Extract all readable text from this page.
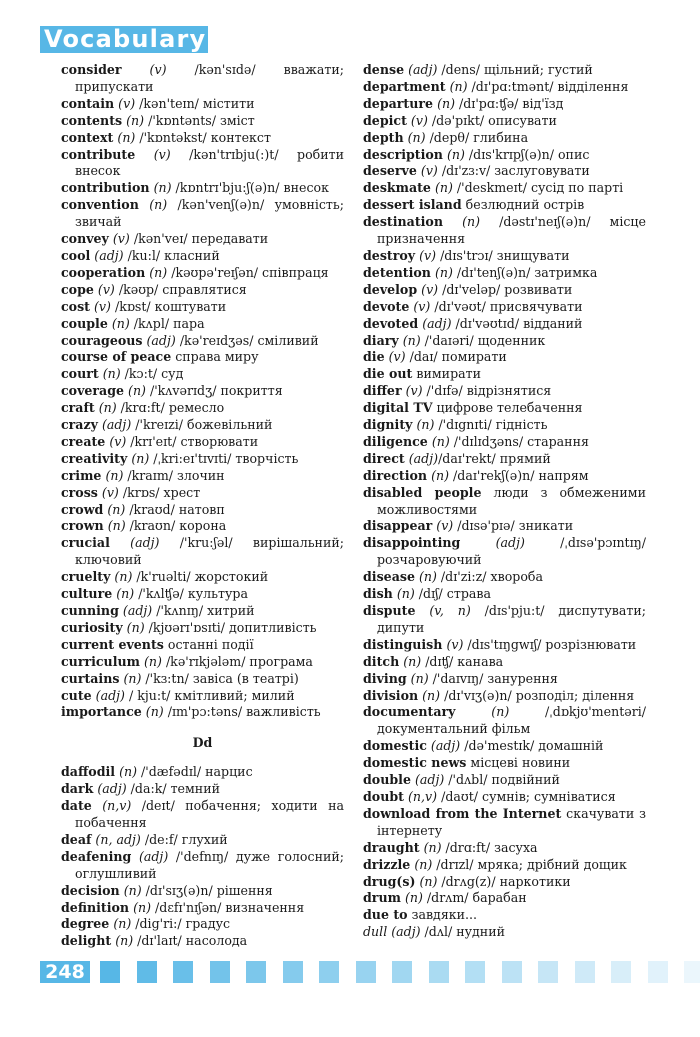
Vocabulary
consider (v) /kən'sɪdə/ вважати; припускати
contain (v) /kən'teɪn/ містити
contents (n) /'kɒntənts/ зміст
context (n) /'kɒntəkst/ контекст
contribute (v) /kən'trɪbju(:)t/ робити внесок
contribution (n) /kɒntrɪ'bju:ʃ(ə)n/ внесок
convention (n) /kən'venʃ(ə)n/ умовність; звичай
convey (v) /kən'veɪ/ передавати
cool (adj) /ku:l/ класний
cooperation (n) /kəʊpə'reɪʃən/ співпраця
cope (v) /kəʊp/ справлятися
cost (v) /kɒst/ коштувати
couple (n) /kʌpl/ пара
courageous (adj) /kə'reɪdʒəs/ сміливий
course of peace справа миру
court (n) /kɔ:t/ суд
coverage (n) /'kʌvərɪdʒ/ покриття
craft (n) /krɑ:ft/ ремесло
crazy (adj) /'kreɪzi/ божевільний
create (v) /krɪ'eɪt/ створювати
creativity (n) /ˌkri:eɪ'tɪvɪti/ творчість
crime (n) /kraɪm/ злочин
cross (v) /krɒs/ хрест
crowd (n) /kraʊd/ натовп
crown (n) /kraʊn/ корона
crucial (adj) /'kru:ʃəl/ вирішальний; ключовий
cruelty (n) /k'ruəlti/ жорстокий
culture (n) /'kʌlʧə/ культура
cunning (adj) /'kʌnɪŋ/ хитрий
curiosity (n) /kjʊərɪ'ɒsɪti/ допитливість
current events останні події
curriculum (n) /kə'rɪkjələm/ програма
curtains (n) /'kɜ:tn/ завіса (в театрі)
cute (adj) / kju:t/ кмітливий; милий
importance (n) /ɪm'pɔ:təns/ важливість
Dd
daffodil (n) /'dæfədɪl/ нарцис
dark (adj) /da:k/ темний
date (n,v) /deɪt/ побачення; ходити на побачення
deaf (n, adj) /de:f/ глухий
deafening (adj) /'defnɪŋ/ дуже голосний; оглушливий
decision (n) /dɪ'sɪʒ(ə)n/ рішення
definition (n) /dɛfɪ'nɪʃən/ визначення
degree (n) /dig'ri:/ градус
delight (n) /dɪ'laɪt/ насолода
dense (adj) /dens/ щільний; густий
department (n) /dɪ'pɑ:tmənt/ відділення
departure (n) /dɪ'pɑ:ʧə/ від'їзд
depict (v) /də'pɪkt/ описувати
depth (n) /depθ/ глибина
description (n) /dɪs'krɪpʃ(ə)n/ опис
deserve (v) /dɪ'zɜ:v/ заслуговувати
deskmate (n) /'deskmeɪt/ сусід по парті
dessert island безлюдний острів
destination (n) /dəstɪ'neɪʃ(ə)n/ місце призначення
destroy (v) /dɪs'trɔɪ/ знищувати
detention (n) /dɪ'tenʃ(ə)n/ затримка
develop (v) /dɪ'veləp/ розвивати
devote (v) /dɪ'vəʊt/ присвячувати
devoted (adj) /dɪ'vəʊtɪd/ відданий
diary (n) /'daɪəri/ щоденник
die (v) /daɪ/ помирати
die out вимирати
differ (v) /'dɪfə/ відрізнятися
digital TV цифрове телебачення
dignity (n) /'dɪgnɪti/ гідність
diligence (n) /'dɪlɪdʒəns/ старання
direct (adj)/daɪ'rekt/ прямий
direction (n) /daɪ'rekʃ(ə)n/ напрям
disabled people люди з обмеженими можливостями
disappear (v) /dɪsə'pɪə/ зникати
disappointing	(adj) /ˌdɪsə'pɔɪntɪŋ/ розчаровуючий
disease (n) /dɪ'zi:z/ хвороба
dish (n) /dɪʃ/ страва
dispute (v, n) /dɪs'pju:t/ диспутувати; дипути
distinguish (v) /dɪs'tɪŋgwɪʃ/ розрізнювати
ditch (n) /dɪʧ/ канава
diving (n) /'daɪvɪŋ/ занурення
division (n) /dɪ'vɪʒ(ə)n/ розподіл; ділення
documentary	(n) /ˌdɒkjʊ'mentəri/ документальний фільм
domestic (adj) /də'mestɪk/ домашній
domestic news місцеві новини
double (adj) /'dʌbl/ подвійний
doubt (n,v) /daʊt/ сумнів; сумніватися
download from the Internet скачувати з інтернету
draught (n) /drɑ:ft/ засуха
drizzle (n) /drɪzl/ мряка; дрібний дощик
drug(s) (n) /drʌg(z)/ наркотики
drum (n) /drʌm/ барабан
due to завдяки...
dull (adj) /dʌl/ нудний
248
